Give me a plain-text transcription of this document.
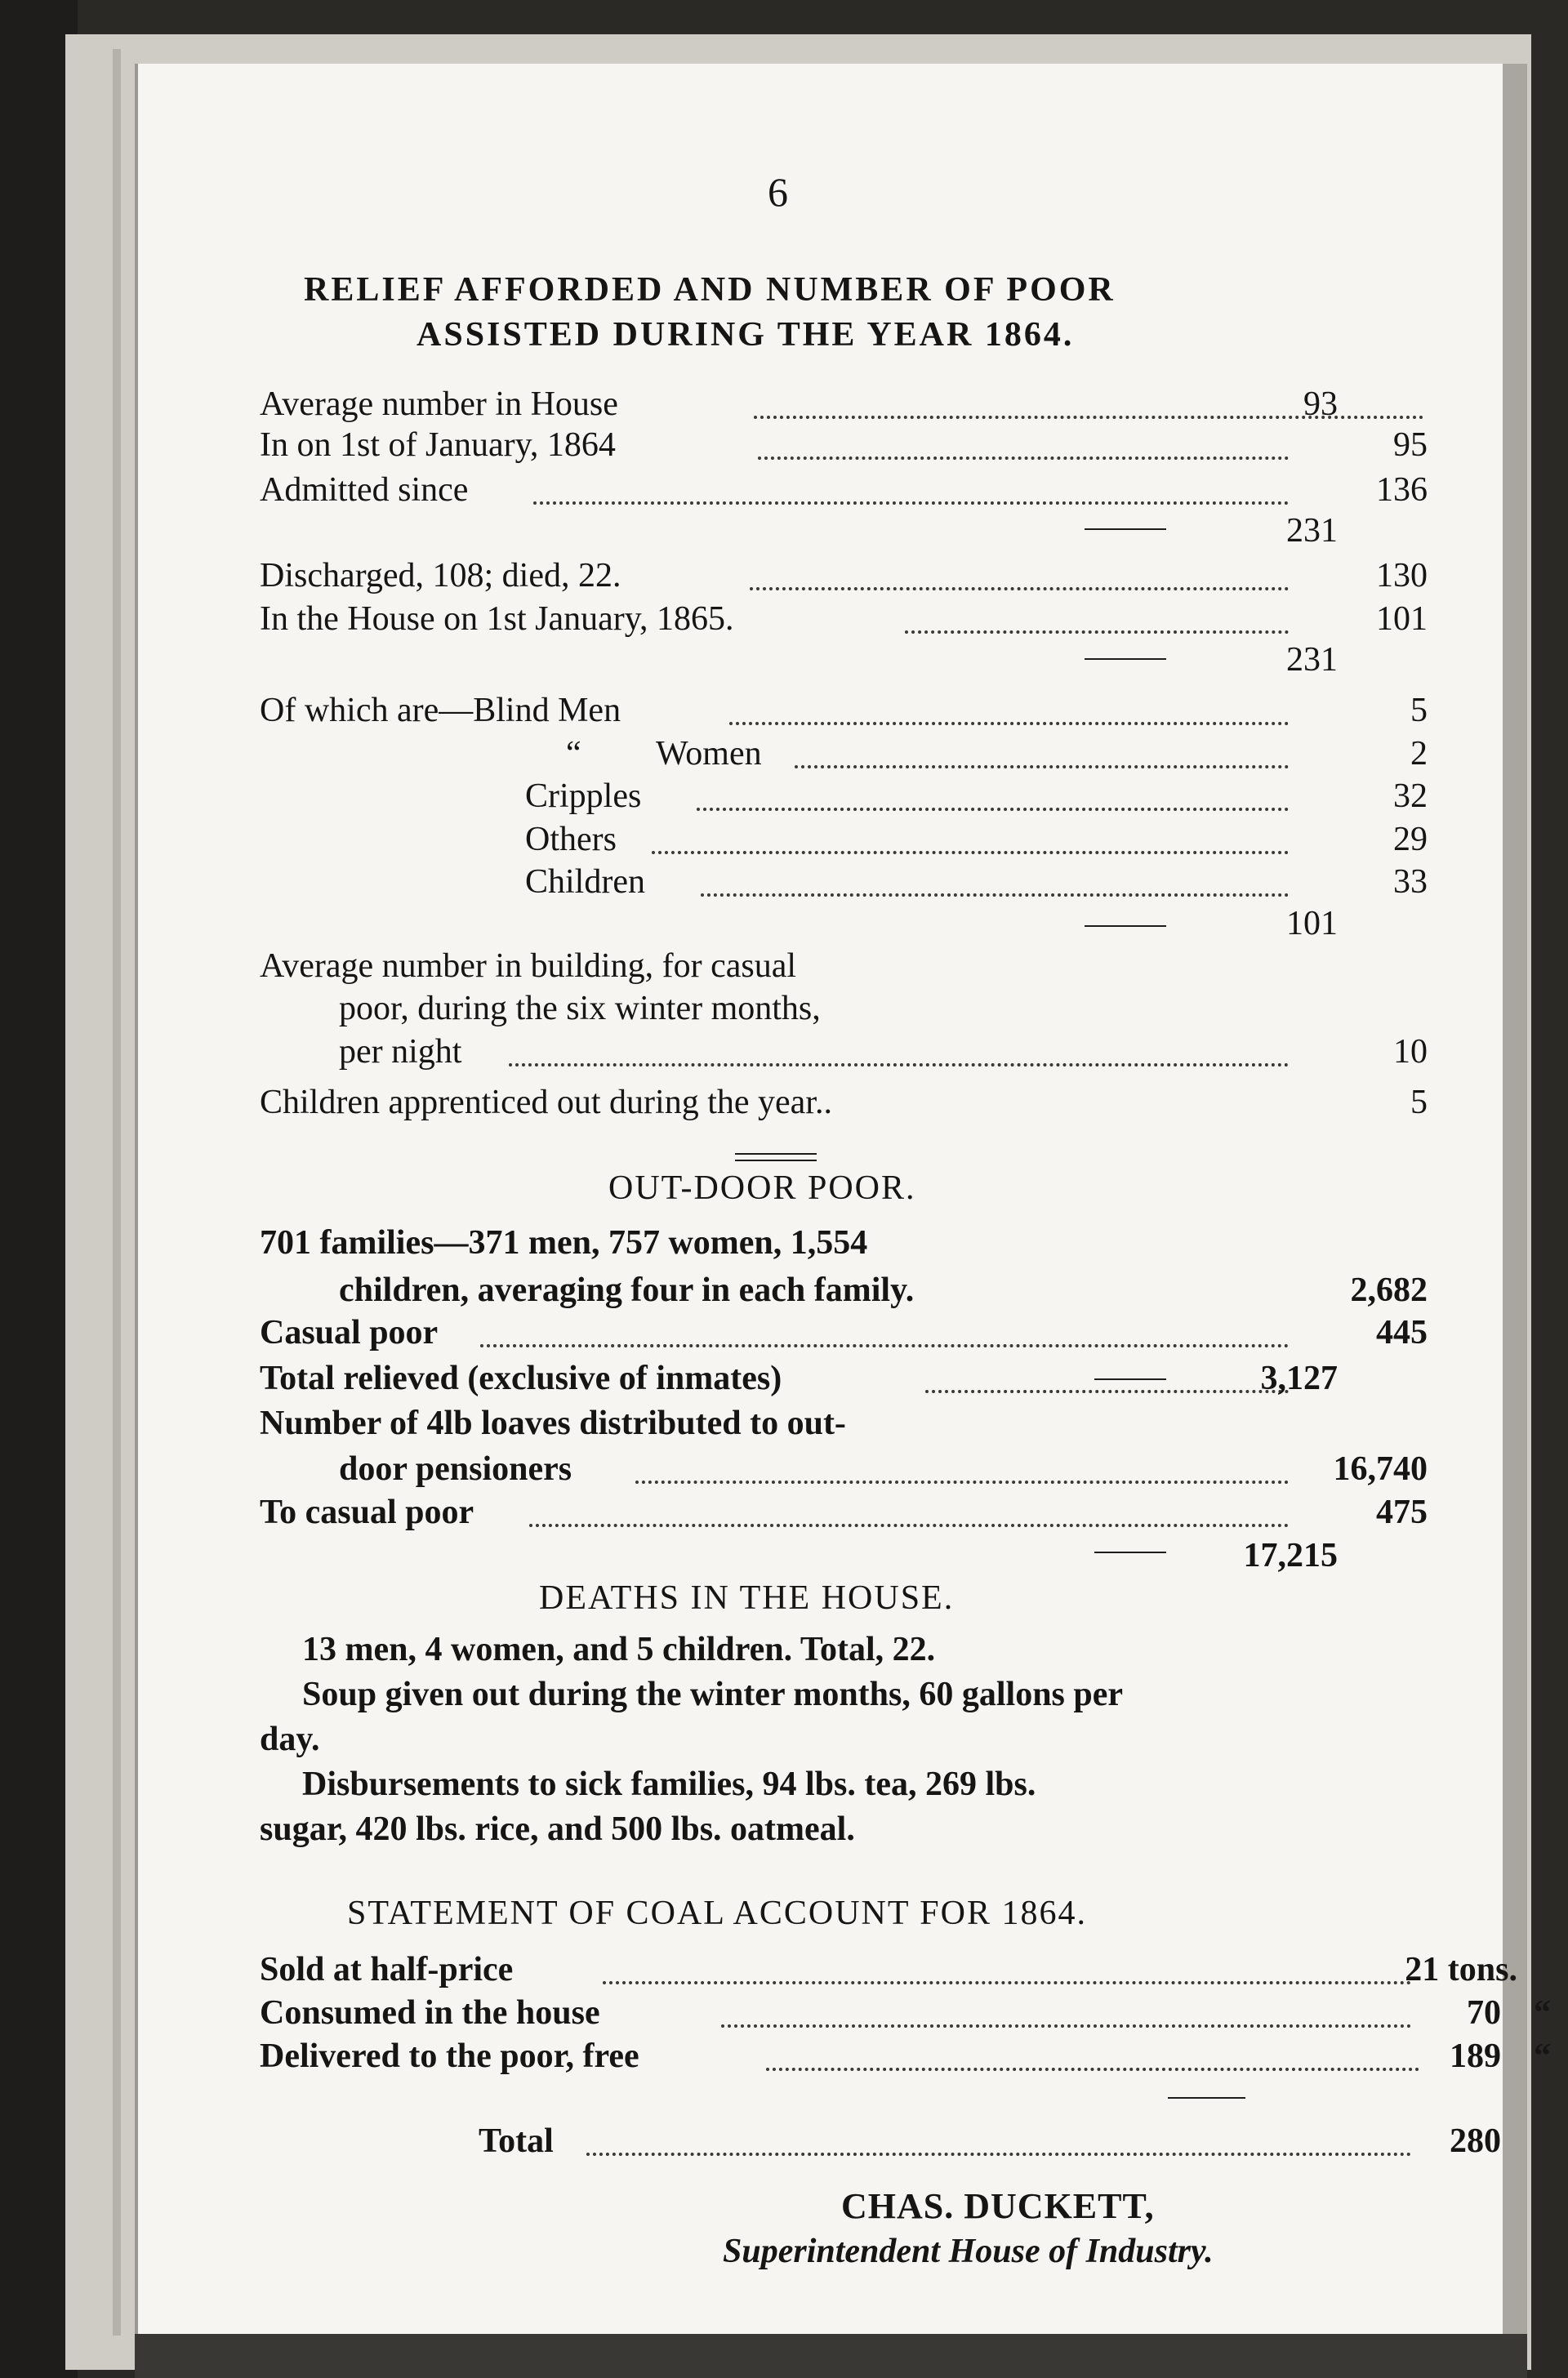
6
RELIEF AFFORDED AND NUMBER OF POOR
ASSISTED DURING THE YEAR 1864.
Average number in House	93
In on 1st of January, 1864	95
Admitted since	136
231
Discharged, 108; died, 22.	130
In the House on 1st January, 1865.	101
231
Of which are—Blind Men	5
“ Women	2
Cripples	32
Others	29
Children	33
101
Average number in building, for casual
poor, during the six winter months,
per night	10
Children apprenticed out during the year..	5
OUT-DOOR POOR.
701 families—371 men, 757 women, 1,554
children, averaging four in each family.	2,682
Casual poor	445
Total relieved (exclusive of inmates)	3,127
Number of 4lb loaves distributed to out-
door pensioners	16,740
To casual poor	475
17,215
DEATHS IN THE HOUSE.
13 men, 4 women, and 5 children. Total, 22.
Soup given out during the winter months, 60 gallons per
day.
Disbursements to sick families, 94 lbs. tea, 269 lbs.
sugar, 420 lbs. rice, and 500 lbs. oatmeal.
STATEMENT OF COAL ACCOUNT FOR 1864.
Sold at half-price	21 tons.
Consumed in the house	70 “
Delivered to the poor, free	189 “
Total	280
CHAS. DUCKETT,
Superintendent House of Industry.
